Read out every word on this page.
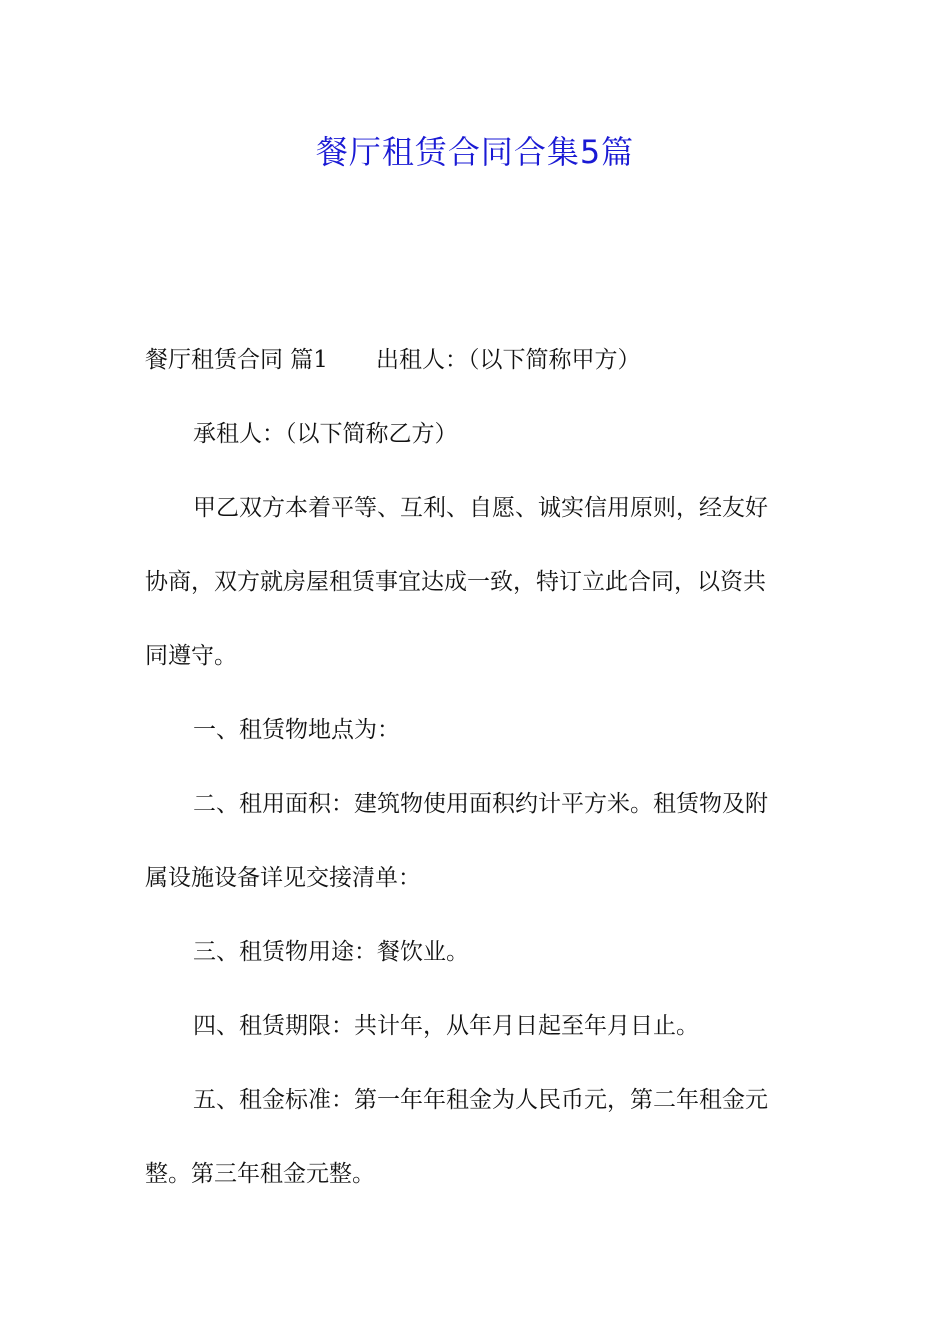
餐厅租赁合同合集5篇
餐厅租赁合同 篇1 出租人：（以下简称甲方）
承租人：（以下简称乙方）
甲乙双方本着平等、互利、自愿、诚实信用原则，经友好
协商，双方就房屋租赁事宜达成一致，特订立此合同，以资共
同遵守。
一、租赁物地点为：
二、租用面积：建筑物使用面积约计平方米。租赁物及附
属设施设备详见交接清单：
三、租赁物用途：餐饮业。
四、租赁期限：共计年，从年月日起至年月日止。
五、租金标准：第一年年租金为人民币元，第二年租金元
整。第三年租金元整。
